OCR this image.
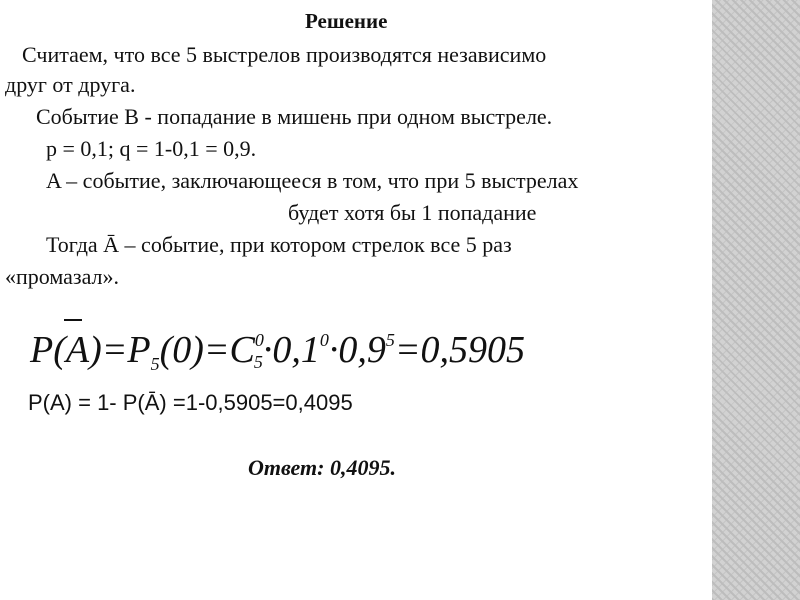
Решение
Считаем, что все 5 выстрелов производятся независимо
друг от друга.
Событие B - попадание в мишень при одном выстреле.
p = 0,1; q = 1-0,1 = 0,9.
A – событие, заключающееся в том, что при 5 выстрелах
будет хотя бы 1 попадание
Тогда Ā – событие, при котором стрелок все 5 раз
«промазал».
$P(A)=P_5(0)=C^0$ $5\cdot 0,1^0\cdot 0,9^5=0,5905$
P(A) = 1- P(Ā) =1-0,5905=0,4095
Ответ: 0,4095.
